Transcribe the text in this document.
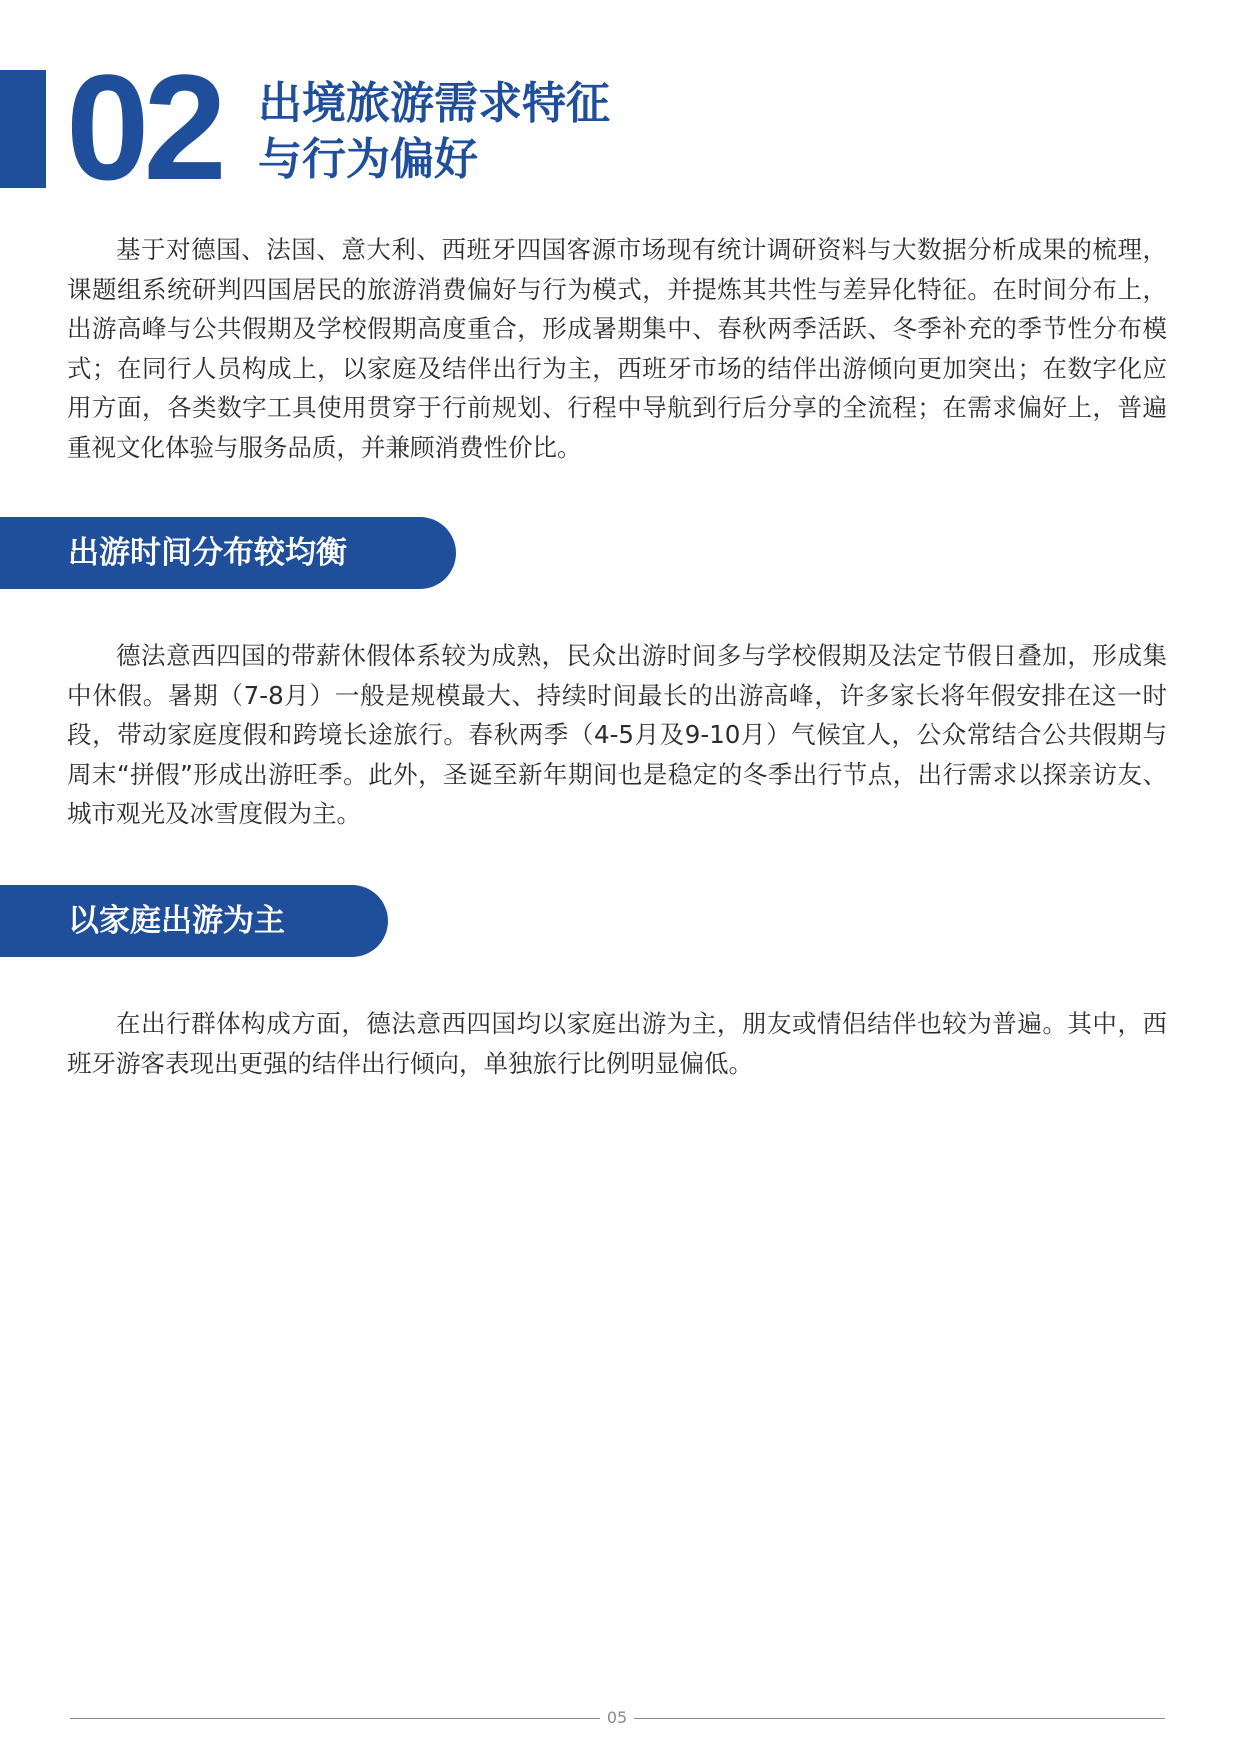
02 出境旅游需求特征
与行为偏好

基于对德国、法国、意大利、西班牙四国客源市场现有统计调研资料与大数据分析成果的梳理，课题组系统研判四国居民的旅游消费偏好与行为模式，并提炼其共性与差异化特征。在时间分布上，出游高峰与公共假期及学校假期高度重合，形成暑期集中、春秋两季活跃、冬季补充的季节性分布模式；在同行人员构成上，以家庭及结伴出行为主，西班牙市场的结伴出游倾向更加突出；在数字化应用方面，各类数字工具使用贯穿于行前规划、行程中导航到行后分享的全流程；在需求偏好上，普遍重视文化体验与服务品质，并兼顾消费性价比。

出游时间分布较均衡

德法意西四国的带薪休假体系较为成熟，民众出游时间多与学校假期及法定节假日叠加，形成集中休假。暑期（7-8月）一般是规模最大、持续时间最长的出游高峰，许多家长将年假安排在这一时段，带动家庭度假和跨境长途旅行。春秋两季（4-5月及9-10月）气候宜人，公众常结合公共假期与周末“拼假”形成出游旺季。此外，圣诞至新年期间也是稳定的冬季出行节点，出行需求以探亲访友、城市观光及冰雪度假为主。

以家庭出游为主

在出行群体构成方面，德法意西四国均以家庭出游为主，朋友或情侣结伴也较为普遍。其中，西班牙游客表现出更强的结伴出行倾向，单独旅行比例明显偏低。

05
